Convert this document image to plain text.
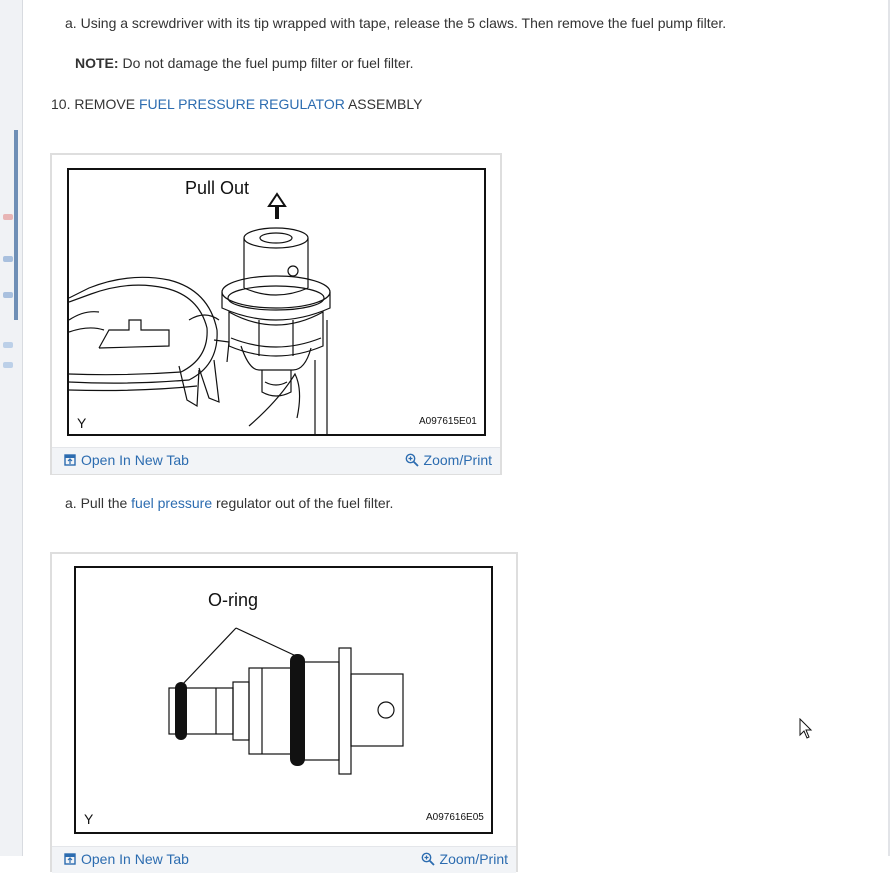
a. Using a screwdriver with its tip wrapped with tape, release the 5 claws. Then remove the fuel pump filter.
NOTE: Do not damage the fuel pump filter or fuel filter.
10. REMOVE FUEL PRESSURE REGULATOR ASSEMBLY
Pull Out
Y	A097615E01
Open In New Tab	Zoom/Print
a. Pull the fuel pressure regulator out of the fuel filter.
O-ring
Y	A097616E05
Open In New Tab	Zoom/Print
